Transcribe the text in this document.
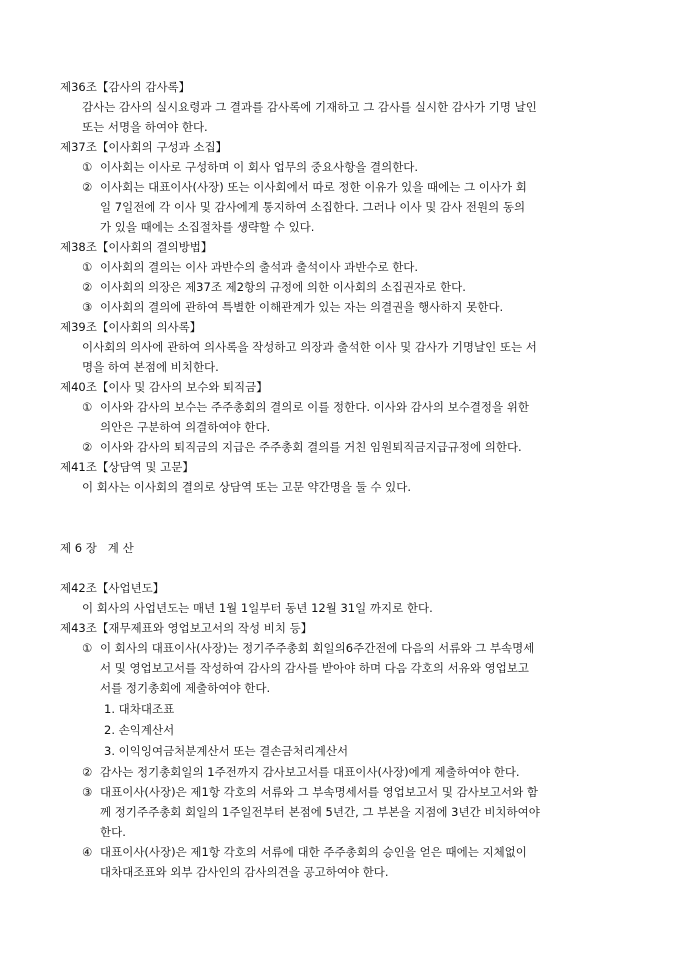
제36조【감사의 감사록】
감사는 감사의 실시요령과 그 결과를 감사록에 기재하고 그 감사를 실시한 감사가 기명 날인
또는 서명을 하여야 한다.
제37조【이사회의 구성과 소집】
① 이사회는 이사로 구성하며 이 회사 업무의 중요사항을 결의한다.
② 이사회는 대표이사(사장) 또는 이사회에서 따로 정한 이유가 있을 때에는 그 이사가 회
일 7일전에 각 이사 및 감사에게 통지하여 소집한다. 그러나 이사 및 감사 전원의 동의
가 있을 때에는 소집절차를 생략할 수 있다.
제38조【이사회의 결의방법】
① 이사회의 결의는 이사 과반수의 출석과 출석이사 과반수로 한다.
② 이사회의 의장은 제37조 제2항의 규정에 의한 이사회의 소집권자로 한다.
③ 이사회의 결의에 관하여 특별한 이해관계가 있는 자는 의결권을 행사하지 못한다.
제39조【이사회의 의사록】
이사회의 의사에 관하여 의사록을 작성하고 의장과 출석한 이사 및 감사가 기명날인 또는 서
명을 하여 본점에 비치한다.
제40조【이사 및 감사의 보수와 퇴직금】
① 이사와 감사의 보수는 주주총회의 결의로 이를 정한다. 이사와 감사의 보수결정을 위한
의안은 구분하여 의결하여야 한다.
② 이사와 감사의 퇴직금의 지급은 주주총회 결의를 거친 임원퇴직금지급규정에 의한다.
제41조【상담역 및 고문】
이 회사는 이사회의 결의로 상담역 또는 고문 약간명을 둘 수 있다.
제 6 장   계 산
제42조【사업년도】
이 회사의 사업년도는 매년 1월 1일부터 동년 12월 31일 까지로 한다.
제43조【재무제표와 영업보고서의 작성 비치 등】
① 이 회사의 대표이사(사장)는 정기주주총회 회일의6주간전에 다음의 서류와 그 부속명세
서 및 영업보고서를 작성하여 감사의 감사를 받아야 하며 다음 각호의 서유와 영업보고
서를 정기총회에 제출하여야 한다.
1. 대차대조표
2. 손익계산서
3. 이익잉여금처분계산서 또는 결손금처리계산서
② 감사는 정기총회일의 1주전까지 감사보고서를 대표이사(사장)에게 제출하여야 한다.
③ 대표이사(사장)은 제1항 각호의 서류와 그 부속명세서를 영업보고서 및 감사보고서와 함
께 정기주주총회 회일의 1주일전부터 본점에 5년간, 그 부본을 지점에 3년간 비치하여야
한다.
④ 대표이사(사장)은 제1항 각호의 서류에 대한 주주총회의 승인을 얻은 때에는 지체없이
대차대조표와 외부 감사인의 감사의견을 공고하여야 한다.
